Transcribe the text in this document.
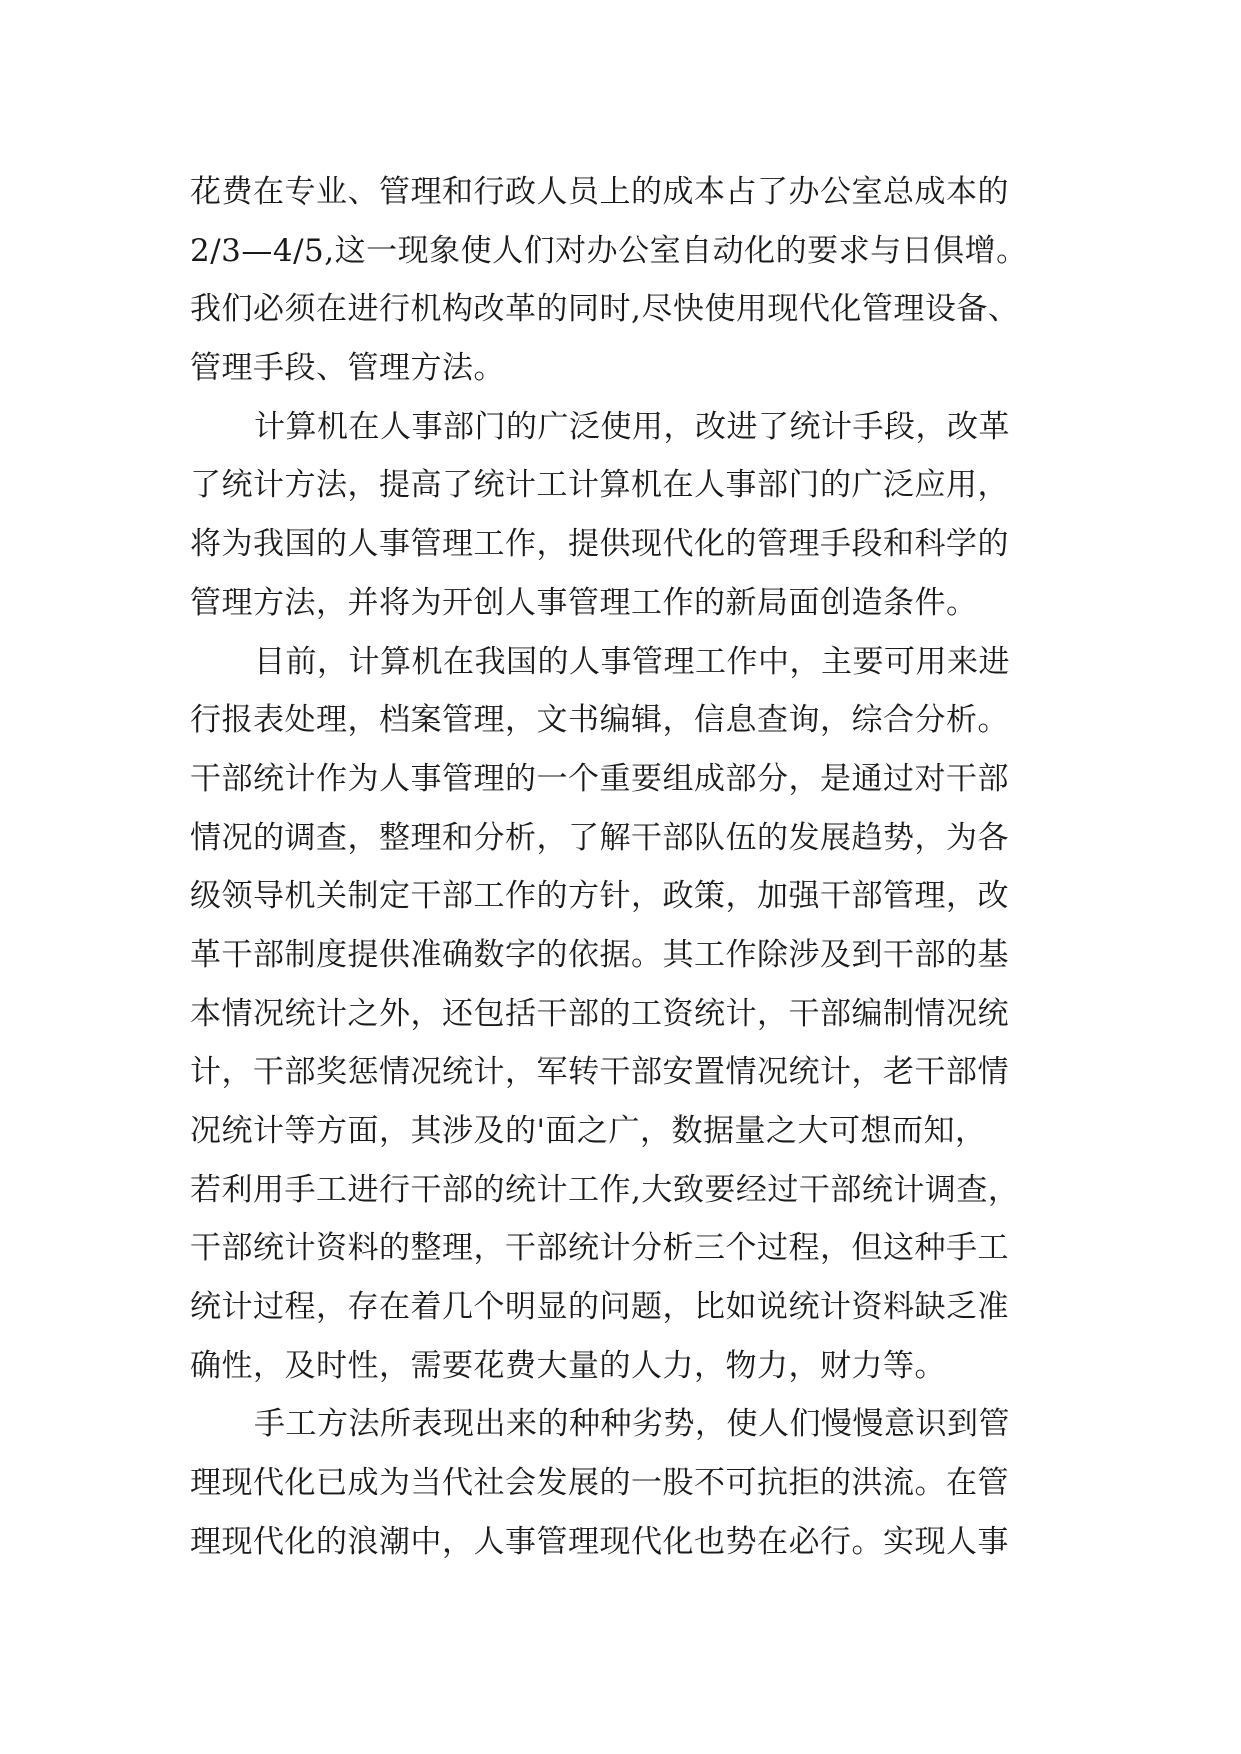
花费在专业、管理和行政人员上的成本占了办公室总成本的
2/3—4/5,这一现象使人们对办公室自动化的要求与日俱增。
我们必须在进行机构改革的同时,尽快使用现代化管理设备、
管理手段、管理方法。
计算机在人事部门的广泛使用，改进了统计手段，改革
了统计方法，提高了统计工计算机在人事部门的广泛应用，
将为我国的人事管理工作，提供现代化的管理手段和科学的
管理方法，并将为开创人事管理工作的新局面创造条件。
目前，计算机在我国的人事管理工作中，主要可用来进
行报表处理，档案管理，文书编辑，信息查询，综合分析。
干部统计作为人事管理的一个重要组成部分，是通过对干部
情况的调查，整理和分析，了解干部队伍的发展趋势，为各
级领导机关制定干部工作的方针，政策，加强干部管理，改
革干部制度提供准确数字的依据。其工作除涉及到干部的基
本情况统计之外，还包括干部的工资统计，干部编制情况统
计，干部奖惩情况统计，军转干部安置情况统计，老干部情
况统计等方面，其涉及的'面之广，数据量之大可想而知，
若利用手工进行干部的统计工作,大致要经过干部统计调查，
干部统计资料的整理，干部统计分析三个过程，但这种手工
统计过程，存在着几个明显的问题，比如说统计资料缺乏准
确性，及时性，需要花费大量的人力，物力，财力等。
手工方法所表现出来的种种劣势，使人们慢慢意识到管
理现代化已成为当代社会发展的一股不可抗拒的洪流。在管
理现代化的浪潮中，人事管理现代化也势在必行。实现人事
